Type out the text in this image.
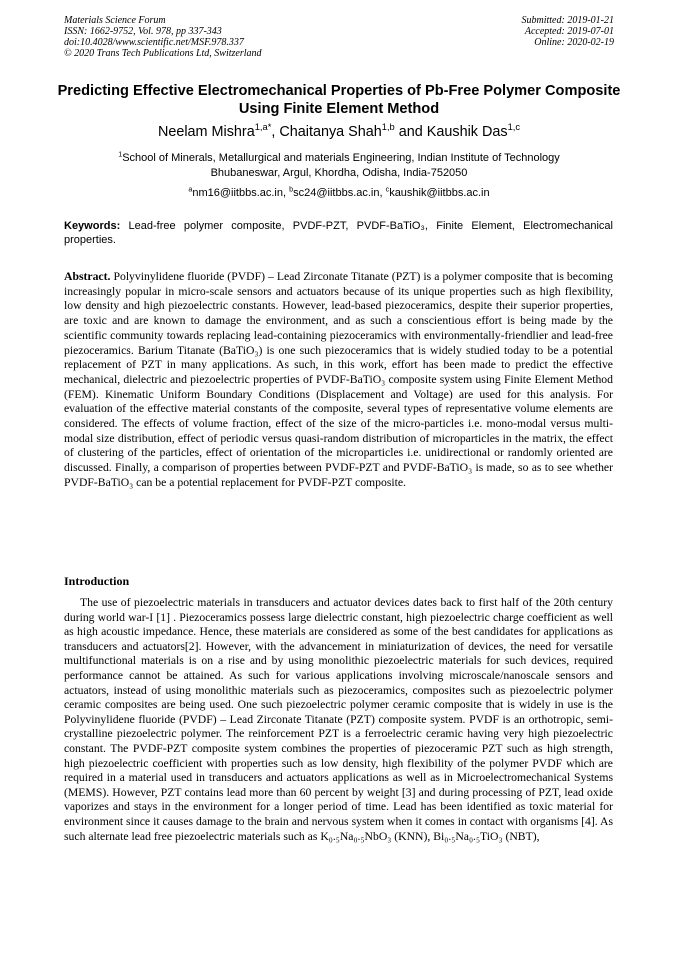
Materials Science Forum
ISSN: 1662-9752, Vol. 978, pp 337-343
doi:10.4028/www.scientific.net/MSF.978.337
© 2020 Trans Tech Publications Ltd, Switzerland
Submitted: 2019-01-21
Accepted: 2019-07-01
Online: 2020-02-19
Predicting Effective Electromechanical Properties of Pb-Free Polymer Composite Using Finite Element Method
Neelam Mishra$^{1,a*}$, Chaitanya Shah$^{1,b}$ and Kaushik Das$^{1,c}$
$^1$School of Minerals, Metallurgical and materials Engineering, Indian Institute of Technology
Bhubaneswar, Argul, Khordha, Odisha, India-752050
$^a$nm16@iitbbs.ac.in, $^b$sc24@iitbbs.ac.in, $^c$kaushik@iitbbs.ac.in
Keywords: Lead-free polymer composite, PVDF-PZT, PVDF-BaTiO₃, Finite Element, Electromechanical properties.
Abstract. Polyvinylidene fluoride (PVDF) – Lead Zirconate Titanate (PZT) is a polymer composite that is becoming increasingly popular in micro-scale sensors and actuators because of its unique properties such as high flexibility, low density and high piezoelectric constants. However, lead-based piezoceramics, despite their superior properties, are toxic and are known to damage the environment, and as such a conscientious effort is being made by the scientific community towards replacing lead-containing piezoceramics with environmentally-friendlier and lead-free piezoceramics. Barium Titanate (BaTiO₃) is one such piezoceramics that is widely studied today to be a potential replacement of PZT in many applications. As such, in this work, effort has been made to predict the effective mechanical, dielectric and piezoelectric properties of PVDF-BaTiO₃ composite system using Finite Element Method (FEM). Kinematic Uniform Boundary Conditions (Displacement and Voltage) are used for this analysis. For evaluation of the effective material constants of the composite, several types of representative volume elements are considered. The effects of volume fraction, effect of the size of the micro-particles i.e. mono-modal versus multi-modal size distribution, effect of periodic versus quasi-random distribution of microparticles in the matrix, the effect of clustering of the particles, effect of orientation of the microparticles i.e. unidirectional or randomly oriented are discussed. Finally, a comparison of properties between PVDF-PZT and PVDF-BaTiO₃ is made, so as to see whether PVDF-BaTiO₃ can be a potential replacement for PVDF-PZT composite.
Introduction
The use of piezoelectric materials in transducers and actuator devices dates back to first half of the 20th century during world war-I [1] . Piezoceramics possess large dielectric constant, high piezoelectric charge coefficient as well as high acoustic impedance. Hence, these materials are considered as some of the best candidates for applications as transducers and actuators[2]. However, with the advancement in miniaturization of devices, the need for versatile multifunctional materials is on a rise and by using monolithic piezoelectric materials for such devices, required performance cannot be attained. As such for various applications involving microscale/nanoscale sensors and actuators, instead of using monolithic materials such as piezoceramics, composites such as piezoelectric polymer ceramic composites are being used. One such piezoelectric polymer ceramic composite that is widely in use is the Polyvinylidene fluoride (PVDF) – Lead Zirconate Titanate (PZT) composite system. PVDF is an orthotropic, semi-crystalline piezoelectric polymer. The reinforcement PZT is a ferroelectric ceramic having very high piezoelectric constant. The PVDF-PZT composite system combines the properties of piezoceramic PZT such as high strength, high piezoelectric coefficient with properties such as low density, high flexibility of the polymer PVDF which are required in a material used in transducers and actuators applications as well as in Microelectromechanical Systems (MEMS). However, PZT contains lead more than 60 percent by weight [3] and during processing of PZT, lead oxide vaporizes and stays in the environment for a longer period of time. Lead has been identified as toxic material for environment since it causes damage to the brain and nervous system when it comes in contact with organisms [4]. As such alternate lead free piezoelectric materials such as K₀.₅Na₀.₅NbO₃ (KNN), Bi₀.₅Na₀.₅TiO₃ (NBT),
